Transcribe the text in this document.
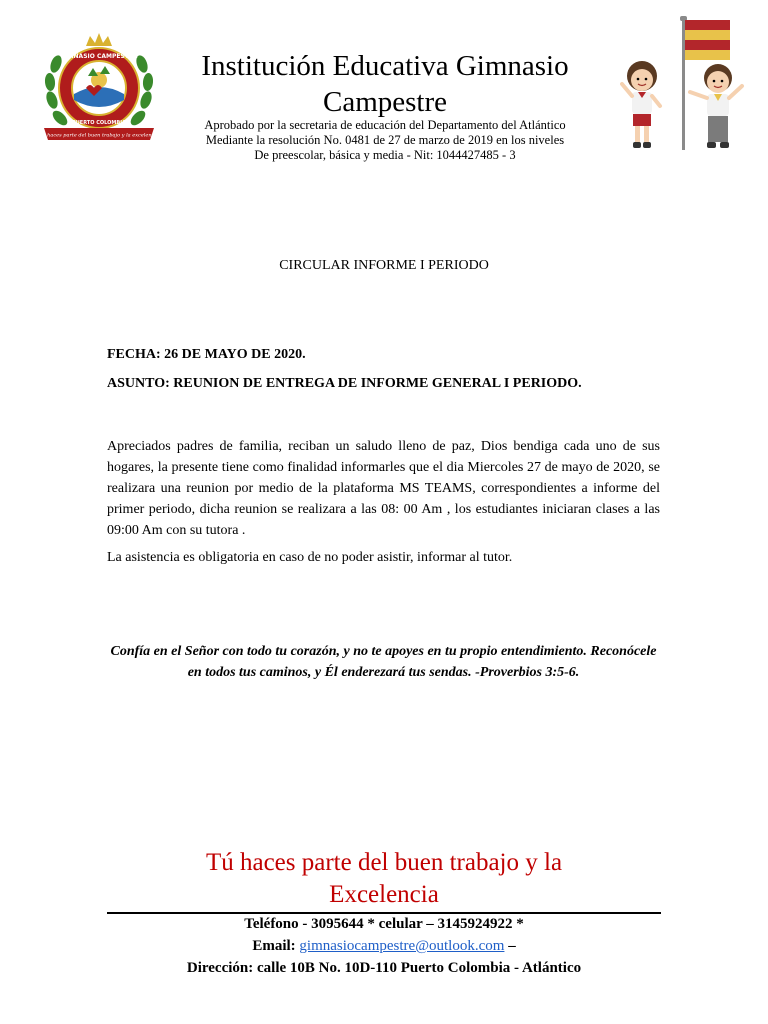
GIMNASIO CAMPESTRE
PUERTO COLOMBIA
Tu haces parte del buen trabajo y la excelencia
Institución Educativa Gimnasio Campestre
Aprobado por la secretaria de educación del Departamento del Atlántico
Mediante la resolución No. 0481 de 27 de marzo de 2019 en los niveles
De preescolar, básica y media - Nit: 1044427485 - 3
CIRCULAR INFORME I PERIODO
FECHA: 26 DE MAYO DE 2020.
ASUNTO: REUNION DE ENTREGA DE INFORME GENERAL I PERIODO.
Apreciados padres de familia, reciban un saludo lleno de paz, Dios bendiga cada uno de sus hogares, la presente tiene como finalidad informarles que el dia Miercoles 27 de mayo de 2020, se realizara una reunion por medio de la plataforma MS TEAMS, correspondientes a informe del primer periodo, dicha reunion se realizara a las 08: 00 Am , los estudiantes iniciaran clases a las 09:00 Am con su tutora .
La asistencia es obligatoria en caso de no poder asistir, informar al tutor.
Confía en el Señor con todo tu corazón, y no te apoyes en tu propio entendimiento. Reconócele en todos tus caminos, y Él enderezará tus sendas. -Proverbios 3:5-6.
Tú haces parte del buen trabajo y la Excelencia
Teléfono - 3095644 * celular – 3145924922 *
Email: gimnasiocampestre@outlook.com –
Dirección: calle 10B No. 10D-110 Puerto Colombia - Atlántico
